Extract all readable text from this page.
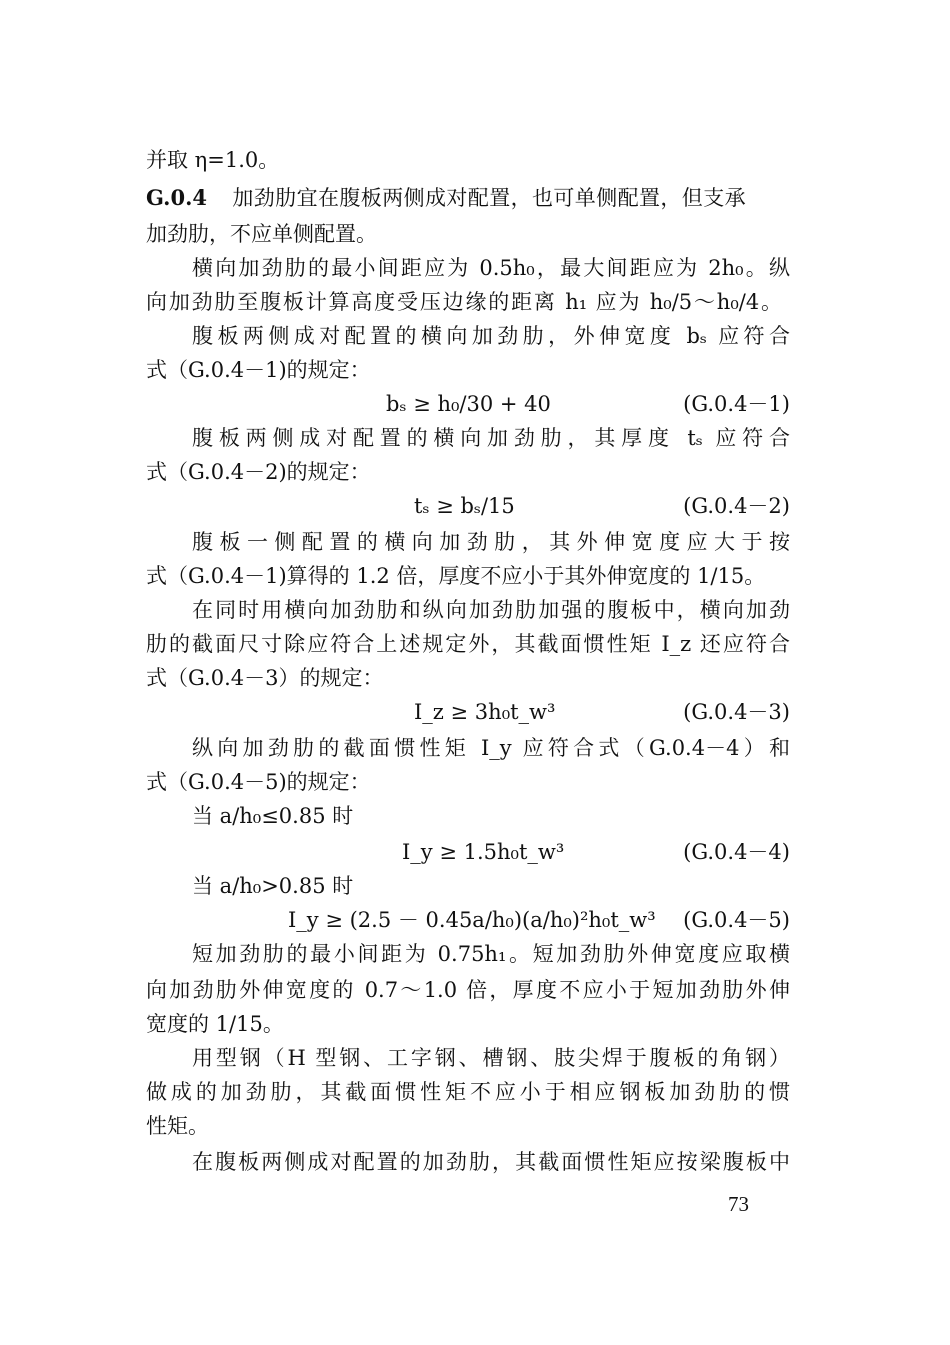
并取 η=1.0。
G.0.4 加劲肋宜在腹板两侧成对配置，也可单侧配置，但支承
加劲肋，不应单侧配置。
横向加劲肋的最小间距应为 0.5h₀，最大间距应为 2h₀。纵
向加劲肋至腹板计算高度受压边缘的距离 h₁ 应为 h₀/5～h₀/4。
腹板两侧成对配置的横向加劲肋，外伸宽度 bₛ 应符合
式（G.0.4－1)的规定：
bₛ ≥ h₀/30 + 40	(G.0.4－1)
腹板两侧成对配置的横向加劲肋，其厚度 tₛ 应符合
式（G.0.4－2)的规定：
tₛ ≥ bₛ/15	(G.0.4－2)
腹板一侧配置的横向加劲肋，其外伸宽度应大于按
式（G.0.4－1)算得的 1.2 倍，厚度不应小于其外伸宽度的 1/15。
在同时用横向加劲肋和纵向加劲肋加强的腹板中，横向加劲
肋的截面尺寸除应符合上述规定外，其截面惯性矩 I_z 还应符合
式（G.0.4－3）的规定：
I_z ≥ 3h₀t_w³	(G.0.4－3)
纵向加劲肋的截面惯性矩 I_y 应符合式（G.0.4－4）和
式（G.0.4－5)的规定：
当 a/h₀≤0.85 时
I_y ≥ 1.5h₀t_w³	(G.0.4－4)
当 a/h₀>0.85 时
I_y ≥ (2.5 － 0.45a/h₀)(a/h₀)²h₀t_w³ (G.0.4－5)
短加劲肋的最小间距为 0.75h₁。短加劲肋外伸宽度应取横
向加劲肋外伸宽度的 0.7～1.0 倍，厚度不应小于短加劲肋外伸
宽度的 1/15。
用型钢（H 型钢、工字钢、槽钢、肢尖焊于腹板的角钢）
做成的加劲肋，其截面惯性矩不应小于相应钢板加劲肋的惯
性矩。
在腹板两侧成对配置的加劲肋，其截面惯性矩应按梁腹板中
73
